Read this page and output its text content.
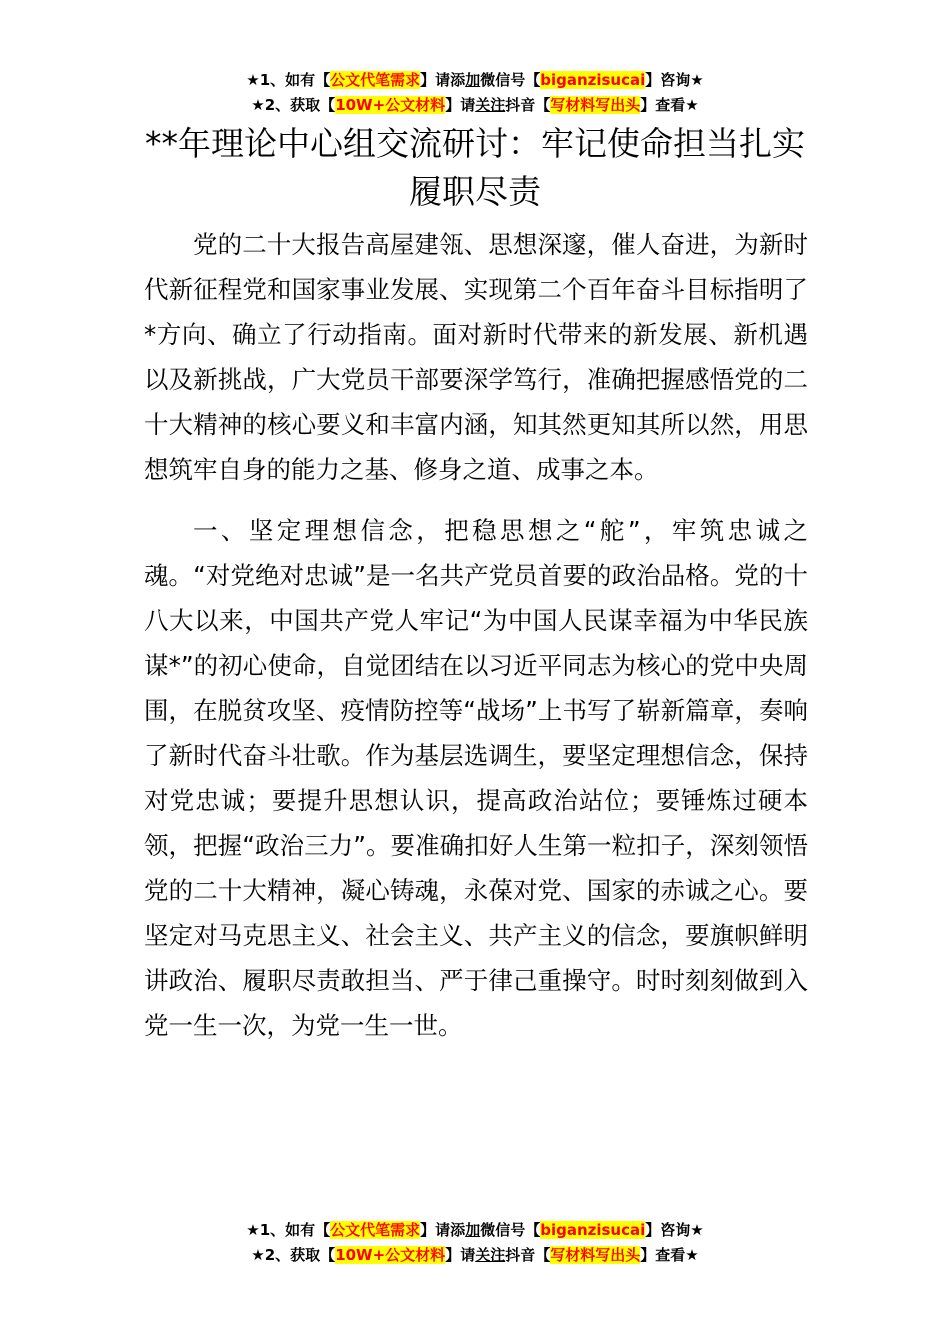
★1、如有【公文代笔需求】请添加微信号【biganzisucai】咨询★
★2、获取【10W+公文材料】请关注抖音【写材料写出头】查看★
**年理论中心组交流研讨：牢记使命担当扎实履职尽责

党的二十大报告高屋建瓴、思想深邃，催人奋进，为新时代新征程党和国家事业发展、实现第二个百年奋斗目标指明了*方向、确立了行动指南。面对新时代带来的新发展、新机遇以及新挑战，广大党员干部要深学笃行，准确把握感悟党的二十大精神的核心要义和丰富内涵，知其然更知其所以然，用思想筑牢自身的能力之基、修身之道、成事之本。

一、坚定理想信念，把稳思想之“舵”，牢筑忠诚之魂。“对党绝对忠诚”是一名共产党员首要的政治品格。党的十八大以来，中国共产党人牢记“为中国人民谋幸福为中华民族谋*”的初心使命，自觉团结在以习近平同志为核心的党中央周围，在脱贫攻坚、疫情防控等“战场”上书写了崭新篇章，奏响了新时代奋斗壮歌。作为基层选调生，要坚定理想信念，保持对党忠诚；要提升思想认识，提高政治站位；要锤炼过硬本领，把握“政治三力”。要准确扣好人生第一粒扣子，深刻领悟党的二十大精神，凝心铸魂，永葆对党、国家的赤诚之心。要坚定对马克思主义、社会主义、共产主义的信念，要旗帜鲜明讲政治、履职尽责敢担当、严于律己重操守。时时刻刻做到入党一生一次，为党一生一世。

★1、如有【公文代笔需求】请添加微信号【biganzisucai】咨询★
★2、获取【10W+公文材料】请关注抖音【写材料写出头】查看★
